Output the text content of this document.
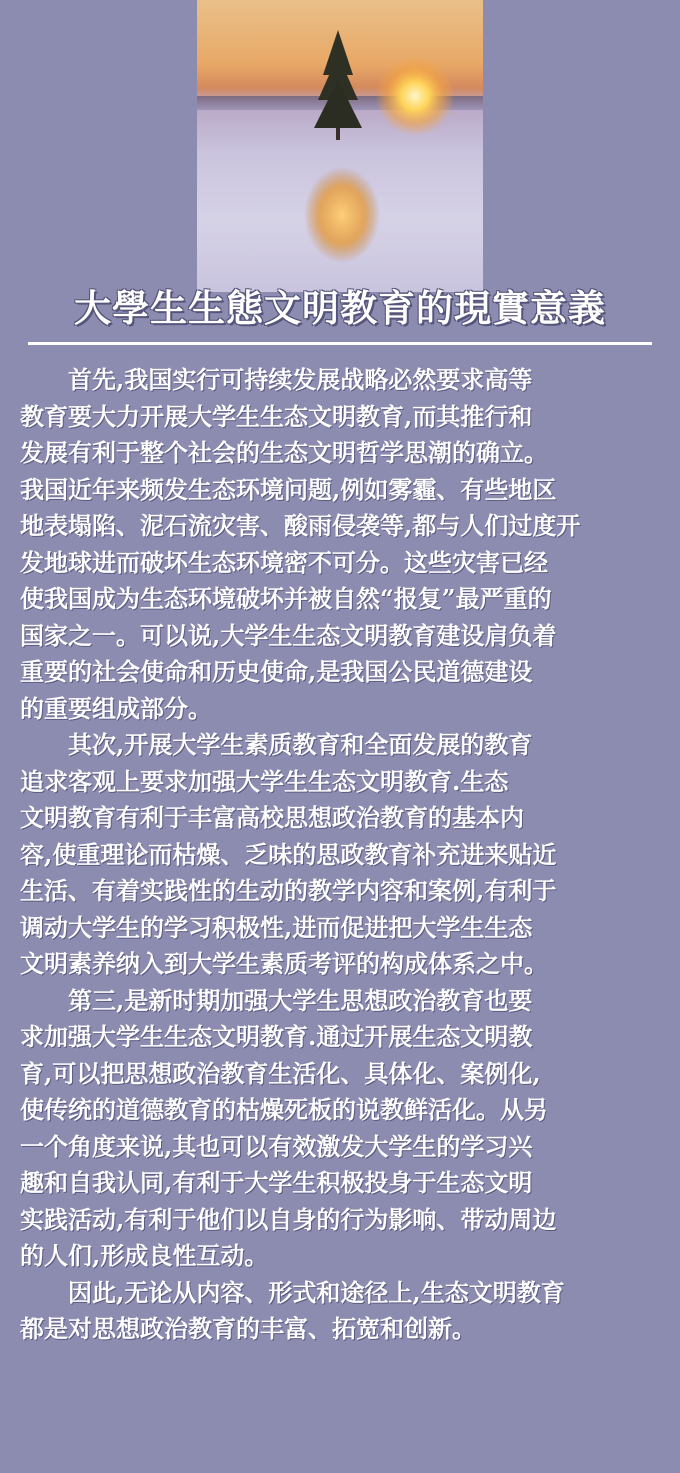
大學生生態文明教育的現實意義
首先,我国实行可持续发展战略必然要求高等
教育要大力开展大学生生态文明教育,而其推行和
发展有利于整个社会的生态文明哲学思潮的确立。
我国近年来频发生态环境问题,例如雾霾、有些地区
地表塌陷、泥石流灾害、酸雨侵袭等,都与人们过度开
发地球进而破坏生态环境密不可分。这些灾害已经
使我国成为生态环境破坏并被自然“报复”最严重的
国家之一。可以说,大学生生态文明教育建设肩负着
重要的社会使命和历史使命,是我国公民道德建设
的重要组成部分。
其次,开展大学生素质教育和全面发展的教育
追求客观上要求加强大学生生态文明教育.生态
文明教育有利于丰富高校思想政治教育的基本内
容,使重理论而枯燥、乏味的思政教育补充进来贴近
生活、有着实践性的生动的教学内容和案例,有利于
调动大学生的学习积极性,进而促进把大学生生态
文明素养纳入到大学生素质考评的构成体系之中。
第三,是新时期加强大学生思想政治教育也要
求加强大学生生态文明教育.通过开展生态文明教
育,可以把思想政治教育生活化、具体化、案例化,
使传统的道德教育的枯燥死板的说教鲜活化。从另
一个角度来说,其也可以有效激发大学生的学习兴
趣和自我认同,有利于大学生积极投身于生态文明
实践活动,有利于他们以自身的行为影响、带动周边
的人们,形成良性互动。
因此,无论从内容、形式和途径上,生态文明教育
都是对思想政治教育的丰富、拓宽和创新。
